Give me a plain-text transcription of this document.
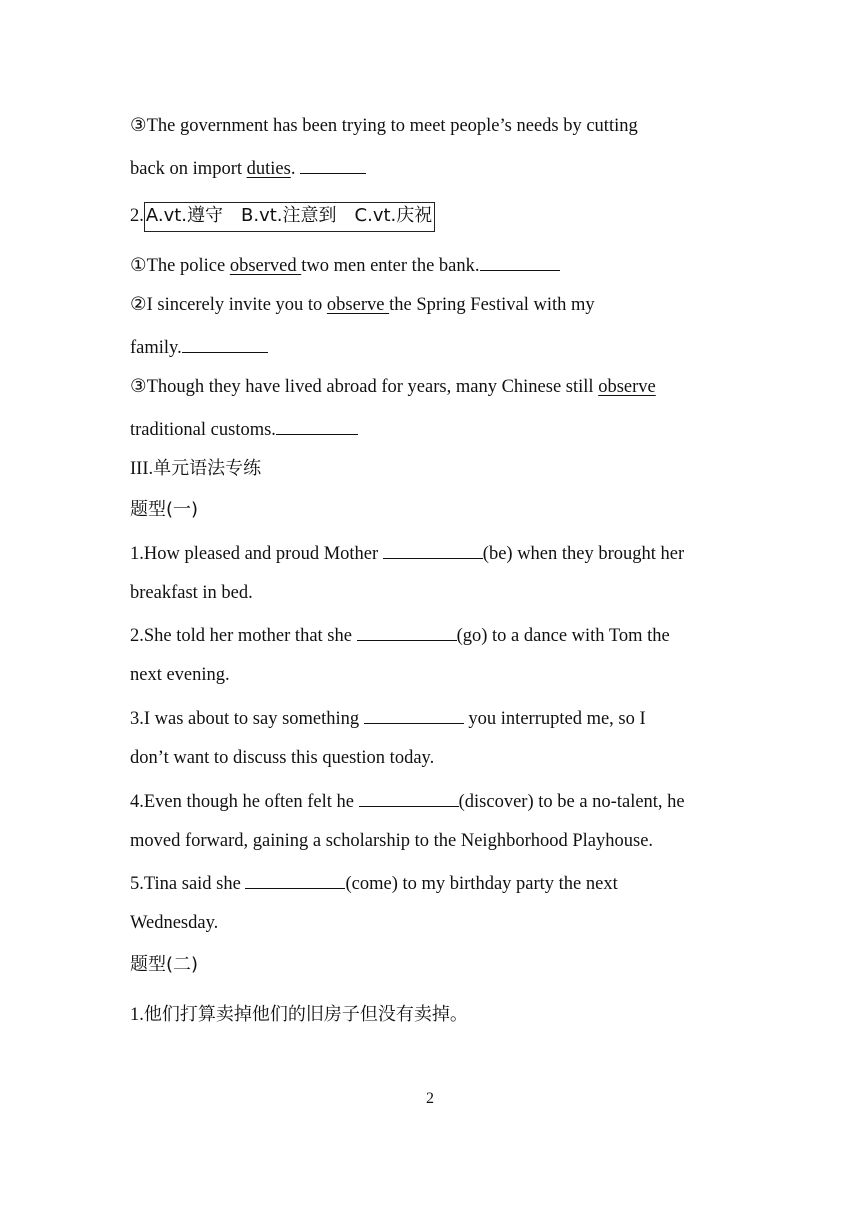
③The government has been trying to meet people’s needs by cutting
back on import duties.
2. A.vt.遵守　B.vt.注意到　C.vt.庆祝
①The police observed two men enter the bank.
②I sincerely invite you to observe the Spring Festival with my
family.
③Though they have lived abroad for years, many Chinese still observe
traditional customs.
III.单元语法专练
题型(一)
1.How pleased and proud Mother	(be) when they brought her
breakfast in bed.
2.She told her mother that she	(go) to a dance with Tom the
next evening.
3.I was about to say something	you interrupted me, so I
don’t want to discuss this question today.
4.Even though he often felt he	(discover) to be a no-talent, he
moved forward, gaining a scholarship to the Neighborhood Playhouse.
5.Tina said she	(come) to my birthday party the next
Wednesday.
题型(二)
1.他们打算卖掉他们的旧房子但没有卖掉。
2
